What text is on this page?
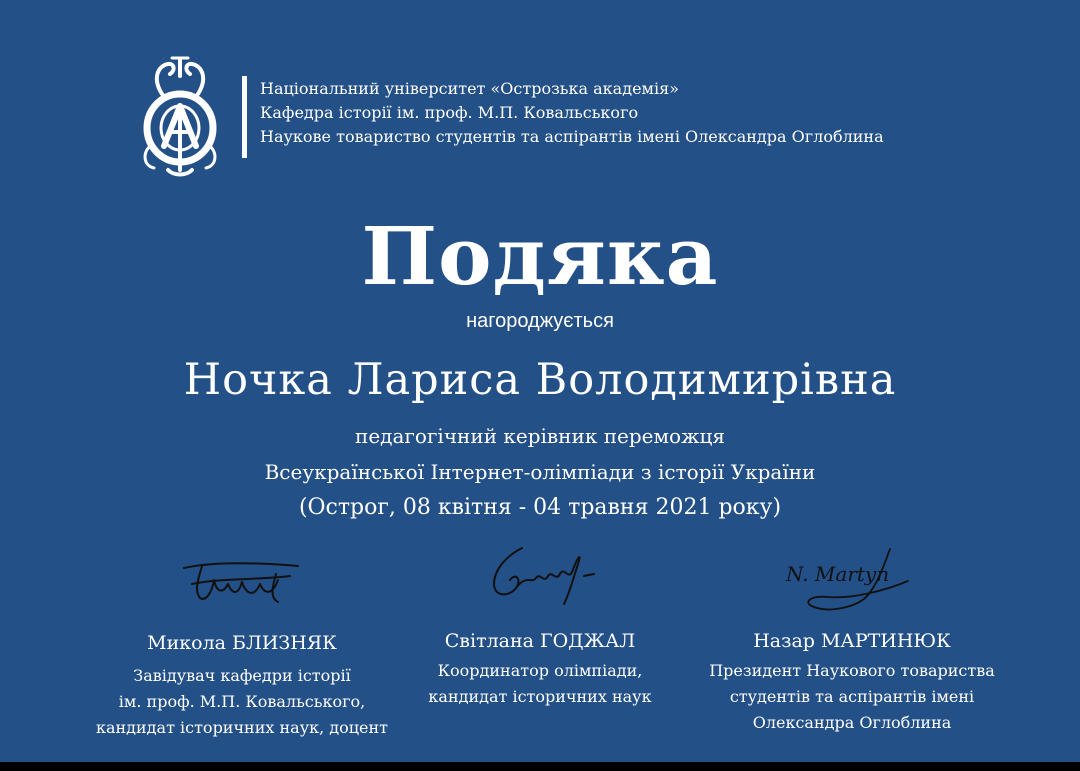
Національний університет «Острозька академія»
Кафедра історії ім. проф. М.П. Ковальського
Наукове товариство студентів та аспірантів імені Олександра Оглоблина
Подяка
нагороджується
Ночка Лариса Володимирівна
педагогічний керівник переможця
Всеукраїнської Інтернет-олімпіади з історії України
(Острог, 08 квітня - 04 травня 2021 року)
N. Martyn
Микола БЛИЗНЯК
Завідувач кафедри історії
ім. проф. М.П. Ковальського,
кандидат історичних наук, доцент
Світлана ГОДЖАЛ
Координатор олімпіади,
кандидат історичних наук
Назар МАРТИНЮК
Президент Наукового товариства
студентів та аспірантів імені
Олександра Оглоблина
